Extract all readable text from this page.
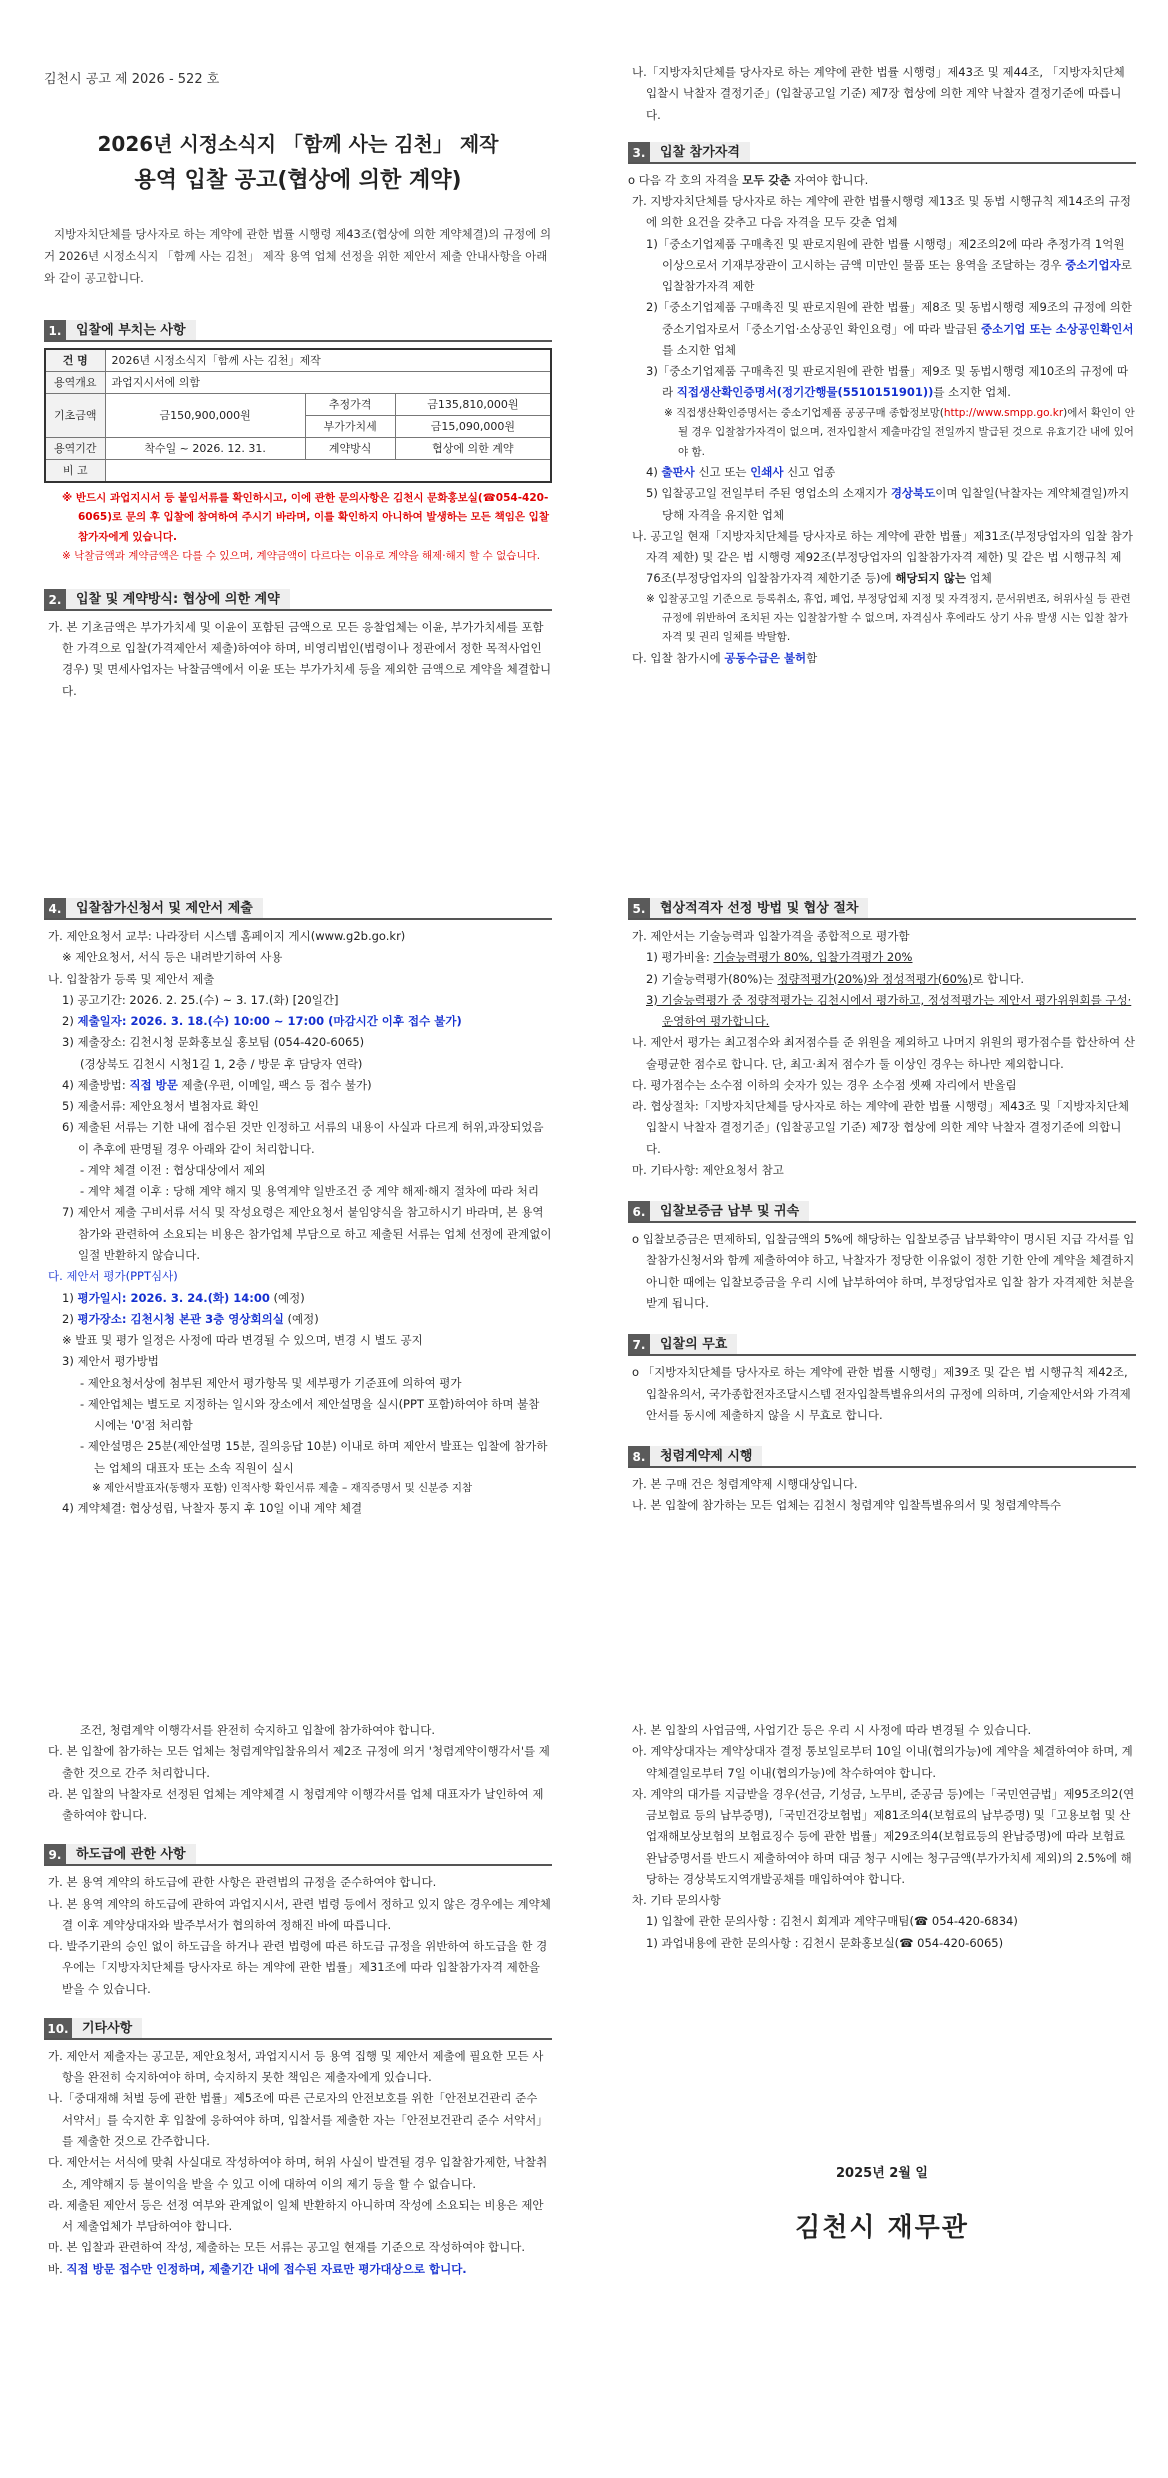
김천시 공고 제 2026 - 522 호
2026년 시정소식지 「함께 사는 김천」 제작
용역 입찰 공고(협상에 의한 계약)
지방자치단체를 당사자로 하는 계약에 관한 법률 시행령 제43조(협상에 의한 계약체결)의 규정에 의거 2026년 시정소식지 「함께 사는 김천」 제작 용역 업체 선정을 위한 제안서 제출 안내사항을 아래와 같이 공고합니다.
1.	입찰에 부치는 사항
건 명	2026년 시정소식지「함께 사는 김천」제작		
용역개요	과업지시서에 의함		
기초금액	금150,900,000원	추정가격	금135,810,000원
		부가가치세	금15,090,000원
용역기간	착수일 ~ 2026. 12. 31.	계약방식	협상에 의한 계약
비 고			
※ 반드시 과업지시서 등 붙임서류를 확인하시고, 이에 관한 문의사항은 김천시 문화홍보실(☎054-420-6065)로 문의 후 입찰에 참여하여 주시기 바라며, 이를 확인하지 아니하여 발생하는 모든 책임은 입찰참가자에게 있습니다.
※ 낙찰금액과 계약금액은 다를 수 있으며, 계약금액이 다르다는 이유로 계약을 해제·해지 할 수 없습니다.
2.	입찰 및 계약방식: 협상에 의한 계약
가. 본 기초금액은 부가가치세 및 이윤이 포함된 금액으로 모든 응찰업체는 이윤, 부가가치세를 포함한 가격으로 입찰(가격제안서 제출)하여야 하며, 비영리법인(법령이나 정관에서 정한 목적사업인 경우) 및 면세사업자는 낙찰금액에서 이윤 또는 부가가치세 등을 제외한 금액으로 계약을 체결합니다.
나.「지방자치단체를 당사자로 하는 계약에 관한 법률 시행령」제43조 및 제44조, 「지방자치단체 입찰시 낙찰자 결정기준」(입찰공고일 기준) 제7장 협상에 의한 계약 낙찰자 결정기준에 따릅니다.
3.	입찰 참가자격
o 다음 각 호의 자격을 모두 갖춘 자여야 합니다.
가. 지방자치단체를 당사자로 하는 계약에 관한 법률시행령 제13조 및 동법 시행규칙 제14조의 규정에 의한 요건을 갖추고 다음 자격을 모두 갖춘 업체
1)「중소기업제품 구매촉진 및 판로지원에 관한 법률 시행령」제2조의2에 따라 추정가격 1억원 이상으로서 기재부장관이 고시하는 금액 미만인 물품 또는 용역을 조달하는 경우 중소기업자로 입찰참가자격 제한
2)「중소기업제품 구매촉진 및 판로지원에 관한 법률」제8조 및 동법시행령 제9조의 규정에 의한 중소기업자로서「중소기업·소상공인 확인요령」에 따라 발급된 중소기업 또는 소상공인확인서를 소지한 업체
3)「중소기업제품 구매촉진 및 판로지원에 관한 법률」제9조 및 동법시행령 제10조의 규정에 따라 직접생산확인증명서(정기간행물(5510151901))를 소지한 업체.
※ 직접생산확인증명서는 중소기업제품 공공구매 종합정보망(http://www.smpp.go.kr)에서 확인이 안 될 경우 입찰참가자격이 없으며, 전자입찰서 제출마감일 전일까지 발급된 것으로 유효기간 내에 있어야 함.
4) 출판사 신고 또는 인쇄사 신고 업종
5) 입찰공고일 전일부터 주된 영업소의 소재지가 경상북도이며 입찰일(낙찰자는 계약체결일)까지 당해 자격을 유지한 업체
나. 공고일 현재「지방자치단체를 당사자로 하는 계약에 관한 법률」제31조(부정당업자의 입찰 참가자격 제한) 및 같은 법 시행령 제92조(부정당업자의 입찰참가자격 제한) 및 같은 법 시행규칙 제76조(부정당업자의 입찰참가자격 제한기준 등)에 해당되지 않는 업체
※ 입찰공고일 기준으로 등록취소, 휴업, 폐업, 부정당업체 지정 및 자격정지, 문서위변조, 허위사실 등 관련 규정에 위반하여 조치된 자는 입찰참가할 수 없으며, 자격심사 후에라도 상기 사유 발생 시는 입찰 참가 자격 및 권리 일체를 박탈함.
다. 입찰 참가시에 공동수급은 불허함
4.	입찰참가신청서 및 제안서 제출
가. 제안요청서 교부: 나라장터 시스템 홈페이지 게시(www.g2b.go.kr)
※ 제안요청서, 서식 등은 내려받기하여 사용
나. 입찰참가 등록 및 제안서 제출
1) 공고기간: 2026. 2. 25.(수) ~ 3. 17.(화) [20일간]
2) 제출일자: 2026. 3. 18.(수) 10:00 ~ 17:00 (마감시간 이후 접수 불가)
3) 제출장소: 김천시청 문화홍보실 홍보팀 (054-420-6065)
(경상북도 김천시 시청1길 1, 2층 / 방문 후 담당자 연락)
4) 제출방법: 직접 방문 제출(우편, 이메일, 팩스 등 접수 불가)
5) 제출서류: 제안요청서 별첨자료 확인
6) 제출된 서류는 기한 내에 접수된 것만 인정하고 서류의 내용이 사실과 다르게 허위,과장되었음이 추후에 판명될 경우 아래와 같이 처리합니다.
- 계약 체결 이전 : 협상대상에서 제외
- 계약 체결 이후 : 당해 계약 해지 및 용역계약 일반조건 중 계약 해제·해지 절차에 따라 처리
7) 제안서 제출 구비서류 서식 및 작성요령은 제안요청서 붙임양식을 참고하시기 바라며, 본 용역 참가와 관련하여 소요되는 비용은 참가업체 부담으로 하고 제출된 서류는 업체 선정에 관계없이 일절 반환하지 않습니다.
다. 제안서 평가(PPT심사)
1) 평가일시: 2026. 3. 24.(화) 14:00 (예정)
2) 평가장소: 김천시청 본관 3층 영상회의실 (예정)
※ 발표 및 평가 일정은 사정에 따라 변경될 수 있으며, 변경 시 별도 공지
3) 제안서 평가방법
- 제안요청서상에 첨부된 제안서 평가항목 및 세부평가 기준표에 의하여 평가
- 제안업체는 별도로 지정하는 일시와 장소에서 제안설명을 실시(PPT 포함)하여야 하며 불참 시에는 '0'점 처리함
- 제안설명은 25분(제안설명 15분, 질의응답 10분) 이내로 하며 제안서 발표는 입찰에 참가하는 업체의 대표자 또는 소속 직원이 실시
※ 제안서발표자(동행자 포함) 인적사항 확인서류 제출 – 재직증명서 및 신분증 지참
4) 계약체결: 협상성립, 낙찰자 통지 후 10일 이내 계약 체결
5.	협상적격자 선정 방법 및 협상 절차
가. 제안서는 기술능력과 입찰가격을 종합적으로 평가함
1) 평가비율: 기술능력평가 80%, 입찰가격평가 20%
2) 기술능력평가(80%)는 정량적평가(20%)와 정성적평가(60%)로 합니다.
3) 기술능력평가 중 정량적평가는 김천시에서 평가하고, 정성적평가는 제안서 평가위원회를 구성·운영하여 평가합니다.
나. 제안서 평가는 최고점수와 최저점수를 준 위원을 제외하고 나머지 위원의 평가점수를 합산하여 산술평균한 점수로 합니다. 단, 최고·최저 점수가 둘 이상인 경우는 하나만 제외합니다.
다. 평가점수는 소수점 이하의 숫자가 있는 경우 소수점 셋째 자리에서 반올림
라. 협상절차:「지방자치단체를 당사자로 하는 계약에 관한 법률 시행령」제43조 및「지방자치단체 입찰시 낙찰자 결정기준」(입찰공고일 기준) 제7장 협상에 의한 계약 낙찰자 결정기준에 의합니다.
마. 기타사항: 제안요청서 참고
6.	입찰보증금 납부 및 귀속
o 입찰보증금은 면제하되, 입찰금액의 5%에 해당하는 입찰보증금 납부확약이 명시된 지급 각서를 입찰참가신청서와 함께 제출하여야 하고, 낙찰자가 정당한 이유없이 정한 기한 안에 계약을 체결하지 아니한 때에는 입찰보증금을 우리 시에 납부하여야 하며, 부정당업자로 입찰 참가 자격제한 처분을 받게 됩니다.
7.	입찰의 무효
o 「지방자치단체를 당사자로 하는 계약에 관한 법률 시행령」제39조 및 같은 법 시행규칙 제42조, 입찰유의서, 국가종합전자조달시스템 전자입찰특별유의서의 규정에 의하며, 기술제안서와 가격제안서를 동시에 제출하지 않을 시 무효로 합니다.
8.	청렴계약제 시행
가. 본 구매 건은 청렴계약제 시행대상입니다.
나. 본 입찰에 참가하는 모든 업체는 김천시 청렴계약 입찰특별유의서 및 청렴계약특수
조건, 청렴계약 이행각서를 완전히 숙지하고 입찰에 참가하여야 합니다.
다. 본 입찰에 참가하는 모든 업체는 청렴계약입찰유의서 제2조 규정에 의거 '청렴계약이행각서'를 제출한 것으로 간주 처리합니다.
라. 본 입찰의 낙찰자로 선정된 업체는 계약체결 시 청렴계약 이행각서를 업체 대표자가 날인하여 제출하여야 합니다.
9.	하도급에 관한 사항
가. 본 용역 계약의 하도급에 관한 사항은 관련법의 규정을 준수하여야 합니다.
나. 본 용역 계약의 하도급에 관하여 과업지시서, 관련 법령 등에서 정하고 있지 않은 경우에는 계약체결 이후 계약상대자와 발주부서가 협의하여 정해진 바에 따릅니다.
다. 발주기관의 승인 없이 하도급을 하거나 관련 법령에 따른 하도급 규정을 위반하여 하도급을 한 경우에는「지방자치단체를 당사자로 하는 계약에 관한 법률」제31조에 따라 입찰참가자격 제한을 받을 수 있습니다.
10.	기타사항
가. 제안서 제출자는 공고문, 제안요청서, 과업지시서 등 용역 집행 및 제안서 제출에 필요한 모든 사항을 완전히 숙지하여야 하며, 숙지하지 못한 책임은 제출자에게 있습니다.
나.「중대재해 처벌 등에 관한 법률」제5조에 따른 근로자의 안전보호를 위한「안전보건관리 준수 서약서」를 숙지한 후 입찰에 응하여야 하며, 입찰서를 제출한 자는「안전보건관리 준수 서약서」를 제출한 것으로 간주합니다.
다. 제안서는 서식에 맞춰 사실대로 작성하여야 하며, 허위 사실이 발견될 경우 입찰참가제한, 낙찰취소, 계약해지 등 불이익을 받을 수 있고 이에 대하여 이의 제기 등을 할 수 없습니다.
라. 제출된 제안서 등은 선정 여부와 관계없이 일체 반환하지 아니하며 작성에 소요되는 비용은 제안서 제출업체가 부담하여야 합니다.
마. 본 입찰과 관련하여 작성, 제출하는 모든 서류는 공고일 현재를 기준으로 작성하여야 합니다.
바. 직접 방문 접수만 인정하며, 제출기간 내에 접수된 자료만 평가대상으로 합니다.
사. 본 입찰의 사업금액, 사업기간 등은 우리 시 사정에 따라 변경될 수 있습니다.
아. 계약상대자는 계약상대자 결정 통보일로부터 10일 이내(협의가능)에 계약을 체결하여야 하며, 계약체결일로부터 7일 이내(협의가능)에 착수하여야 합니다.
자. 계약의 대가를 지급받을 경우(선금, 기성금, 노무비, 준공금 등)에는「국민연금법」제95조의2(연금보험료 등의 납부증명),「국민건강보험법」제81조의4(보험료의 납부증명) 및「고용보험 및 산업재해보상보험의 보험료징수 등에 관한 법률」제29조의4(보험료등의 완납증명)에 따라 보험료 완납증명서를 반드시 제출하여야 하며 대금 청구 시에는 청구금액(부가가치세 제외)의 2.5%에 해당하는 경상북도지역개발공채를 매입하여야 합니다.
차. 기타 문의사항
1) 입찰에 관한 문의사항 : 김천시 회계과 계약구매팀(☎ 054-420-6834)
1) 과업내용에 관한 문의사항 : 김천시 문화홍보실(☎ 054-420-6065)
2025년 2월 일
김천시 재무관
